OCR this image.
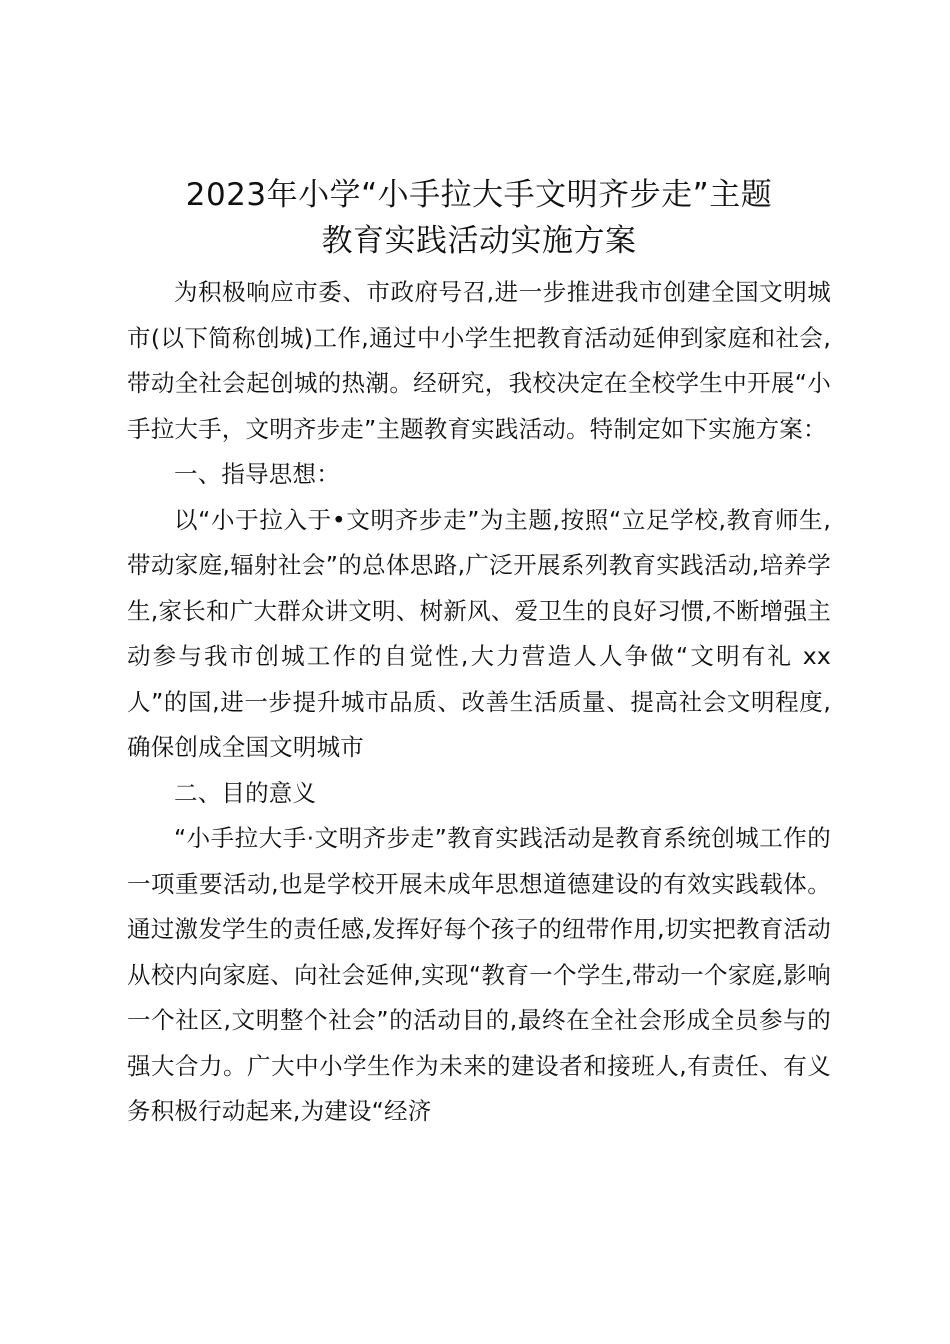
2023年小学“小手拉大手文明齐步走”主题
教育实践活动实施方案

为积极响应市委、市政府号召,进一步推进我市创建全国文明城市(以下简称创城)工作,通过中小学生把教育活动延伸到家庭和社会,带动全社会起创城的热潮。经研究，我校决定在全校学生中开展“小手拉大手，文明齐步走”主题教育实践活动。特制定如下实施方案：

一、指导思想：

以“小于拉入于•文明齐步走”为主题,按照“立足学校,教育师生,带动家庭,辐射社会”的总体思路,广泛开展系列教育实践活动,培养学生,家长和广大群众讲文明、树新风、爱卫生的良好习惯,不断增强主动参与我市创城工作的自觉性,大力营造人人争做“文明有礼 xx 人”的国,进一步提升城市品质、改善生活质量、提高社会文明程度,确保创成全国文明城市

二、目的意义

“小手拉大手·文明齐步走”教育实践活动是教育系统创城工作的一项重要活动,也是学校开展未成年思想道德建设的有效实践载体。通过激发学生的责任感,发挥好每个孩子的纽带作用,切实把教育活动从校内向家庭、向社会延伸,实现“教育一个学生,带动一个家庭,影响一个社区,文明整个社会”的活动目的,最终在全社会形成全员参与的强大合力。广大中小学生作为未来的建设者和接班人,有责任、有义务积极行动起来,为建设“经济
